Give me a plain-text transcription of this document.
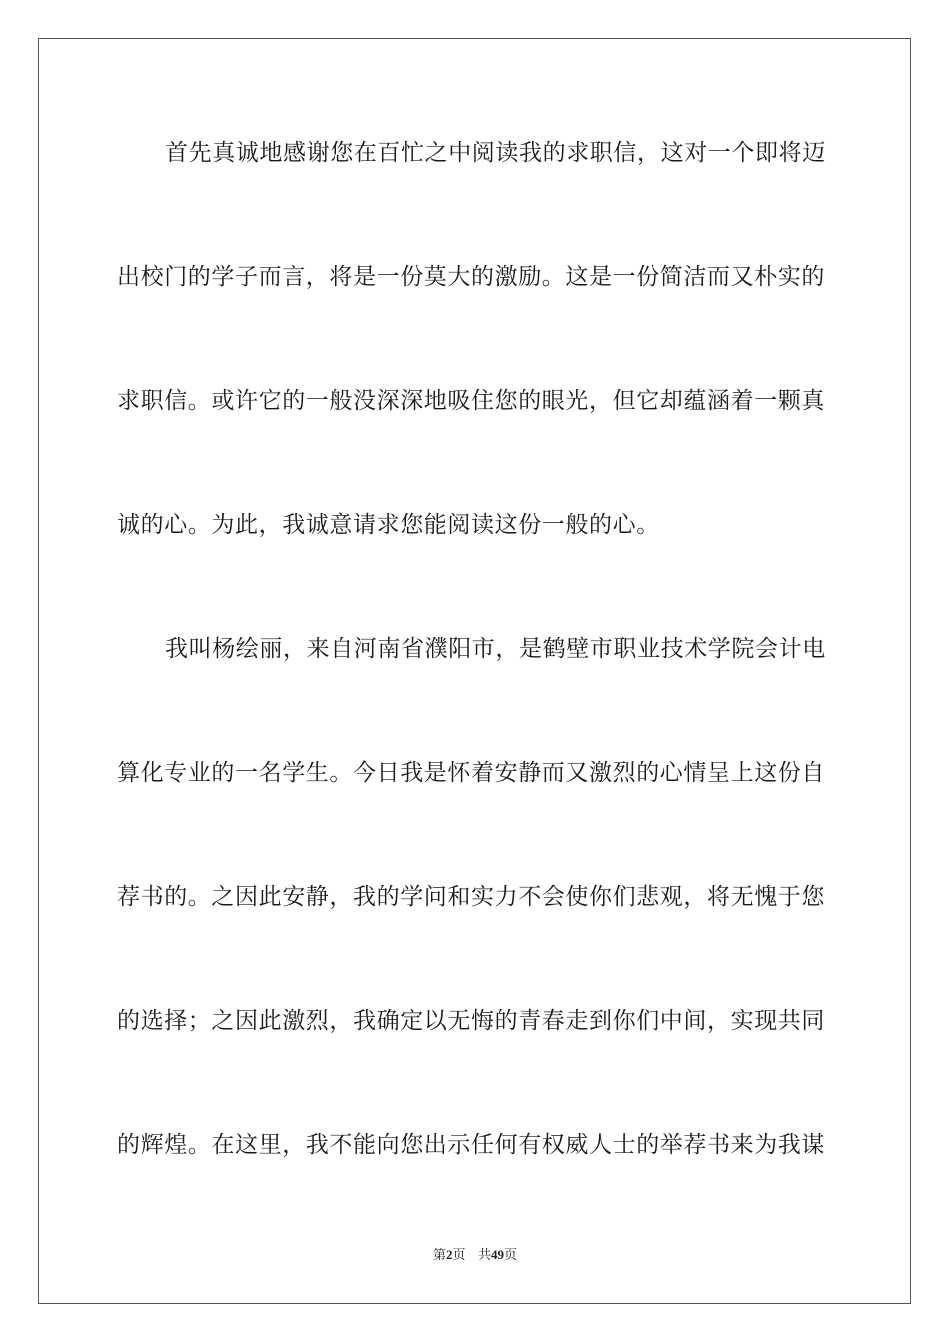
首先真诚地感谢您在百忙之中阅读我的求职信，这对一个即将迈
出校门的学子而言，将是一份莫大的激励。这是一份简洁而又朴实的
求职信。或许它的一般没深深地吸住您的眼光，但它却蕴涵着一颗真
诚的心。为此，我诚意请求您能阅读这份一般的心。
我叫杨绘丽，来自河南省濮阳市，是鹤壁市职业技术学院会计电
算化专业的一名学生。今日我是怀着安静而又激烈的心情呈上这份自
荐书的。之因此安静，我的学问和实力不会使你们悲观，将无愧于您
的选择；之因此激烈，我确定以无悔的青春走到你们中间，实现共同
的辉煌。在这里，我不能向您出示任何有权威人士的举荐书来为我谋
第2页 共49页
